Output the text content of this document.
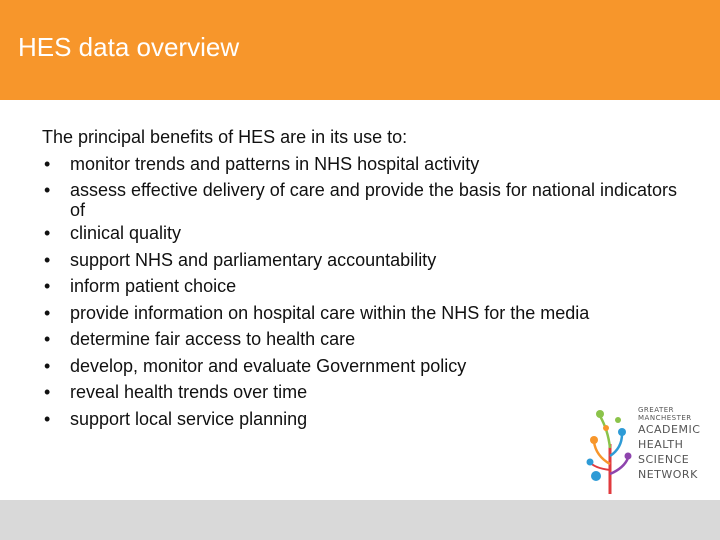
HES data overview

The principal benefits of HES are in its use to:

• monitor trends and patterns in NHS hospital activity
• assess effective delivery of care and provide the basis for national indicators of
• clinical quality
• support NHS and parliamentary accountability
• inform patient choice
• provide information on hospital care within the NHS for the media
• determine fair access to health care
• develop, monitor and evaluate Government policy
• reveal health trends over time
• support local service planning	GREATER
MANCHESTER
ACADEMIC
HEALTH
SCIENCE
NETWORK
